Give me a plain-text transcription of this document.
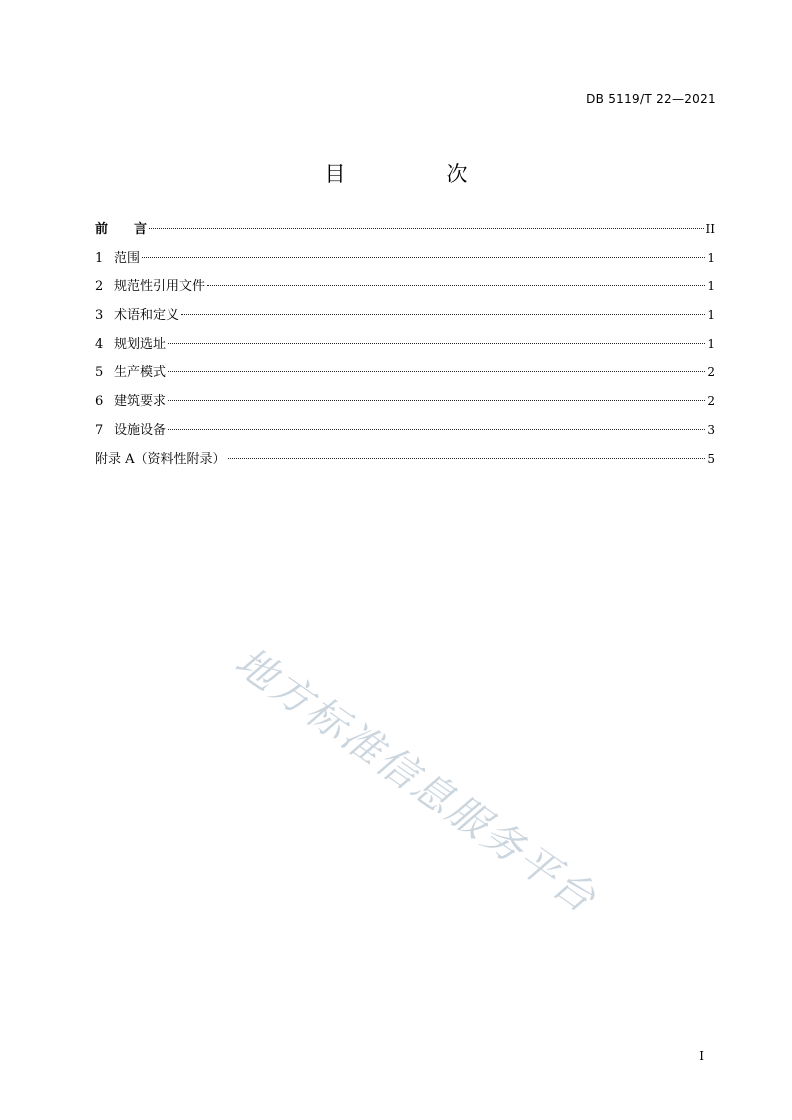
DB 5119/T 22—2021
目　次
前言	II
1 范围	1
2 规范性引用文件	1
3 术语和定义	1
4 规划选址	1
5 生产模式	2
6 建筑要求	2
7 设施设备	3
附录 A（资料性附录）	5
地方标准信息服务平台
I
